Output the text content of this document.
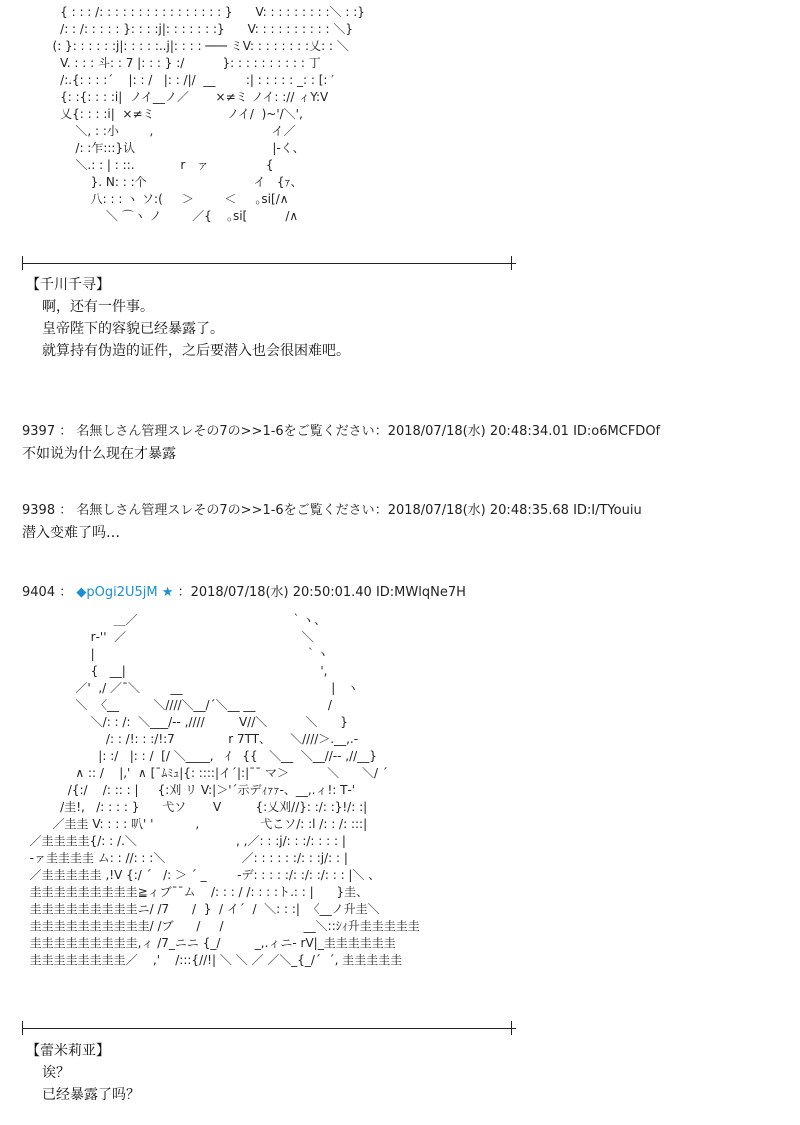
{ : : : /: : : : : : : : : : : : : : : : }      V: : : : : : : : :＼ : :}
/: : /: : : : : }: : : :j|: : : : : : :}      V: : : : : : : : : : ＼}
(: }: : : : : :j|: : : : :..j|: : : : ─── ミV: : : : : : : :乂: : ＼
V. : : : 斗: : 7 |: : : } :/          }: : : : : : : : : : 丁
/:.{: : : :´    |: : /   |: : /|/  __        :| : : : : : _: : [: ′
{: :{: : : :i|  ノイ__ノ／       ×≠ミ ノイ: :// ィY:V
乂{: : : :i|  ×≠ミ                   ノイ/  )~'/＼',
＼, : :小        ,                               イ／
/: :乍:::}认                                    |-く、
＼.: : | : ::.            r   ァ               {
}. N: : :个                            イ   {ｧ、
八: : : ヽ ソ:(     ＞        ＜     ｡si[/∧
＼ ⌒ヽ ノ        ／{    ｡si[          /∧
【千川千寻】
啊，还有一件事。
皇帝陛下的容貌已经暴露了。
就算持有伪造的证件，之后要潜入也会很困难吧。
9397 ： 名無しさん管理スレその7の>>1-6をご覧ください：2018/07/18(水) 20:48:34.01 ID:o6MCFDOf
不如说为什么现在才暴露
9398 ： 名無しさん管理スレその7の>>1-6をご覧ください：2018/07/18(水) 20:48:35.68 ID:I/TYouiu
潜入变难了吗…
9404 ： ◆pOgi2U5jM ★ ：2018/07/18(水) 20:50:01.40 ID:MWlqNe7H
＿／                                        ｀ヽ、
r‐''  ／                                              ＼
|                                                       ｀ヽ
{   __|                                                   ',
／'  ,/ ／¯＼        __                                       |   ヽ
＼  〈__         ＼////＼__/´＼__ __                   /
＼/: : /:  ＼___/‐‐ ,////         V//＼          ＼      }
/: : /!: : :/!:7              r 7TT、     ＼////＞.__,.‐
|: :/   |: : /  [/ ＼____,   ｲ   {{   ＼__  ＼__//‐‐ ,//__}
∧ :: /    |,'  ∧ [¯ﾑﾐｭ|{: ::::|イ´|:|¯¯ マ＞          ＼      ＼/ ´
/{:/    /: :: : |     {:刈 リ V:|＞'´示デｨｧｧ‐、__,.ィ!: T‐'
/圭!,   /: : : : }      弋ソ       V         {:乂刈//}: :/: :}!/: :|
／圭圭 V: : : : 叭' '           ,                弋こソ/: :l /: : /: :::|
／圭圭圭圭{/: : /.＼                          , ,／: : :j/: : :/: : : : |
‐ァ圭圭圭圭 ム: : //: : :＼                    ／: : : : : :/: : :j/: : |
／圭圭圭圭圭 ,!V {:/ ´   /: ＞ ´ _        ‐デ: : : : :/: :/: :/: : : |＼ 、
圭圭圭圭圭圭圭圭圭≧ィブ¯¯ム    /: : : / /: : : :ト.: : |      }圭、
圭圭圭圭圭圭圭圭圭ニ/ /7      /  }  / イ´  /  ＼: : :|  〈__ノ升圭＼
圭圭圭圭圭圭圭圭圭圭/ /ブ      /     /                     __＼::ｼｨ升圭圭圭圭圭
圭圭圭圭圭圭圭圭圭,ィ /7_ニニ {_/         _,.ィニ‐ rV|_圭圭圭圭圭圭
圭圭圭圭圭圭圭圭／    ,'    /:::{//!| ＼ ＼ ／ ／＼_{_/´  ´, 圭圭圭圭圭
【蕾米莉亚】
诶？
已经暴露了吗？
